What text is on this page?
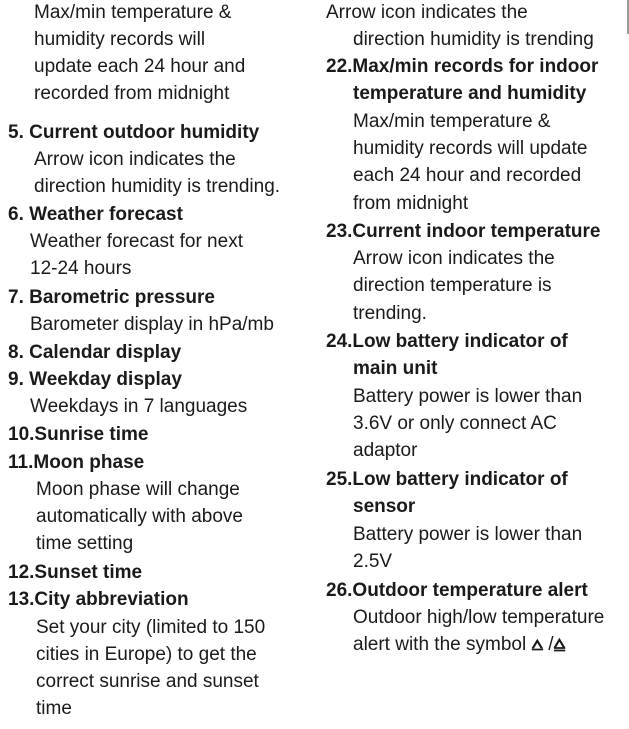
Max/min temperature &
humidity records will
update each 24 hour and
recorded from midnight
5. Current outdoor humidity
Arrow icon indicates the
direction humidity is trending.
6. Weather forecast
Weather forecast for next
12-24 hours
7. Barometric pressure
Barometer display in hPa/mb
8. Calendar display
9. Weekday display
Weekdays in 7 languages
10.Sunrise time
11.Moon phase
Moon phase will change
automatically with above
time setting
12.Sunset time
13.City abbreviation
Set your city (limited to 150
cities in Europe) to get the
correct sunrise and sunset
time
Arrow icon indicates the
direction humidity is trending
22.Max/min records for indoor
temperature and humidity
Max/min temperature &
humidity records will update
each 24 hour and recorded
from midnight
23.Current indoor temperature
Arrow icon indicates the
direction temperature is
trending.
24.Low battery indicator of
main unit
Battery power is lower than
3.6V or only connect AC
adaptor
25.Low battery indicator of
sensor
Battery power is lower than
2.5V
26.Outdoor temperature alert
Outdoor high/low temperature
alert with the symbol ⩟ /⩠
